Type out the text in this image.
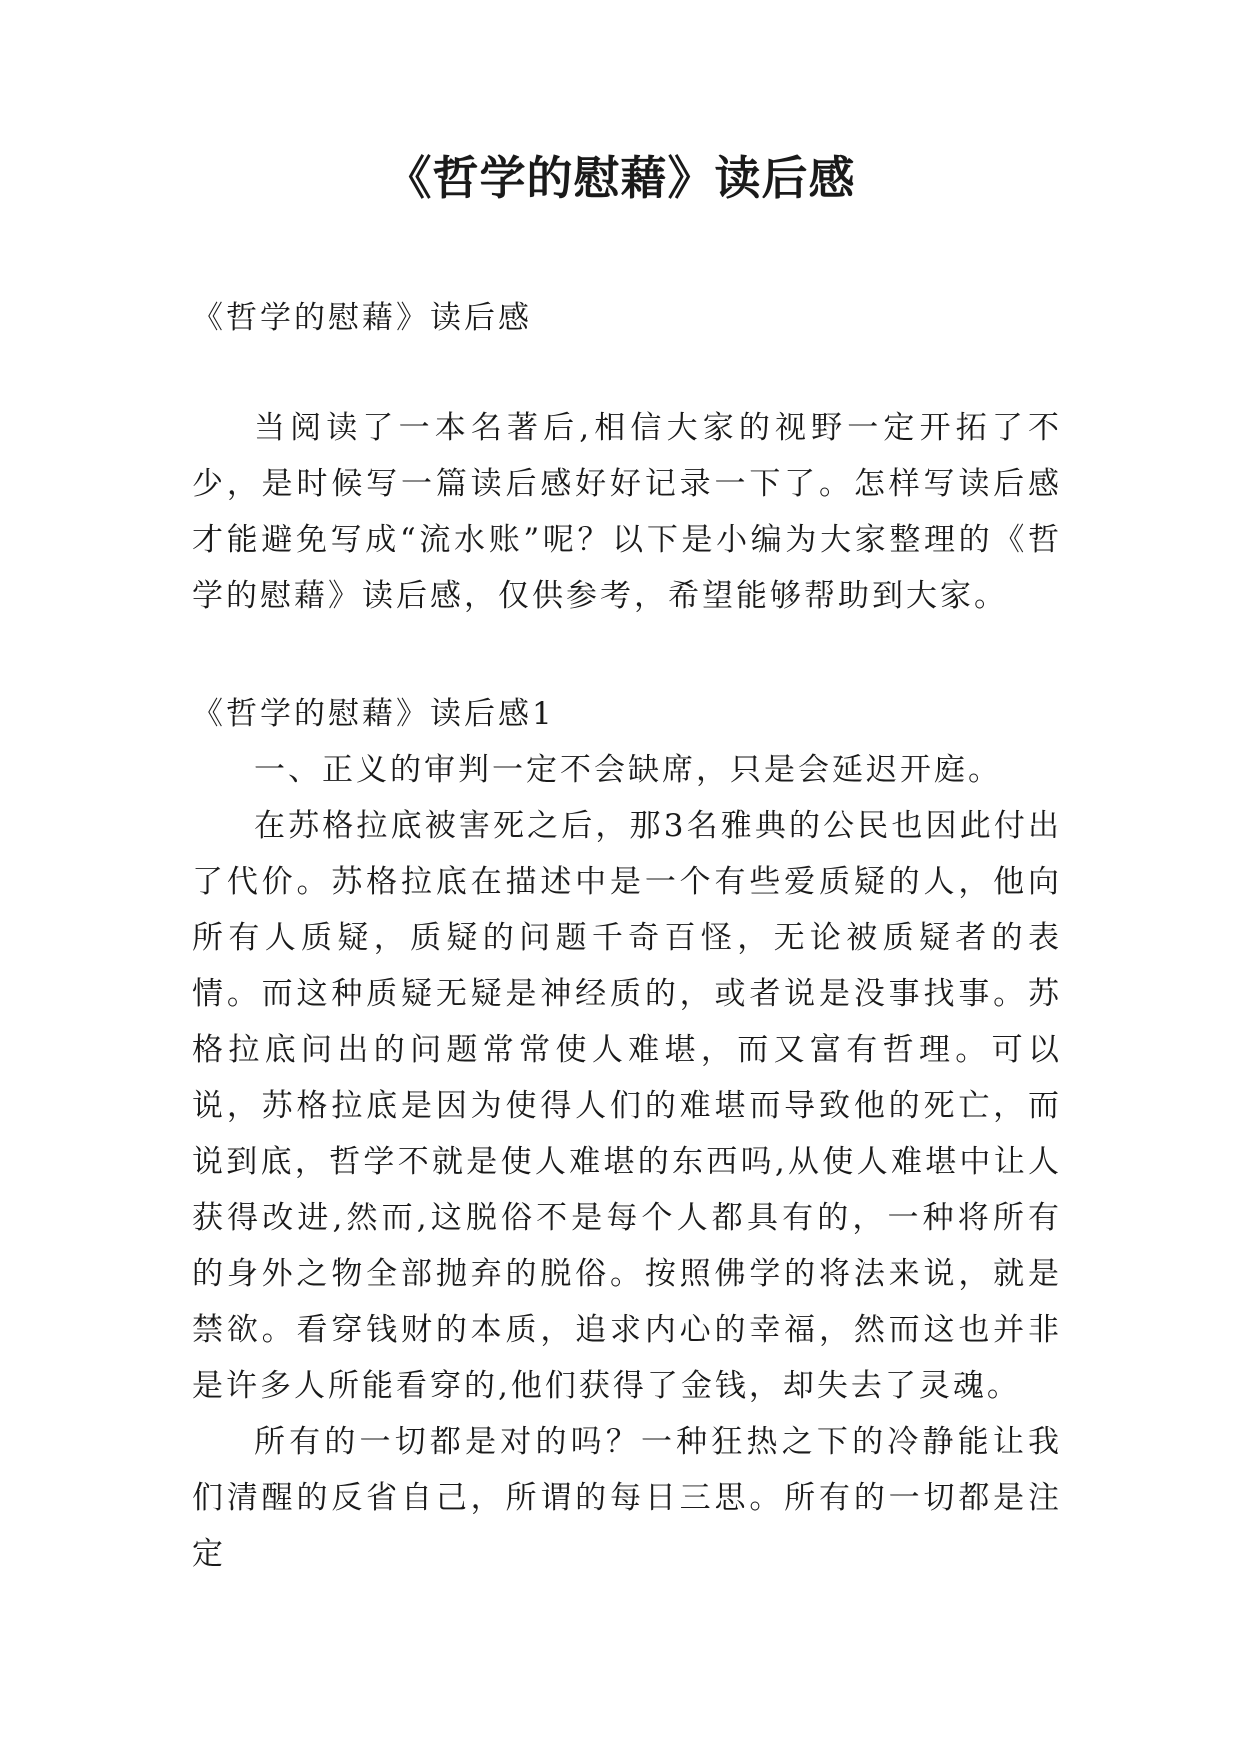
《哲学的慰藉》读后感

《哲学的慰藉》读后感

当阅读了一本名著后,相信大家的视野一定开拓了不少，是时候写一篇读后感好好记录一下了。怎样写读后感才能避免写成“流水账”呢？以下是小编为大家整理的《哲学的慰藉》读后感，仅供参考，希望能够帮助到大家。

《哲学的慰藉》读后感1

一、正义的审判一定不会缺席，只是会延迟开庭。

在苏格拉底被害死之后，那3名雅典的公民也因此付出了代价。苏格拉底在描述中是一个有些爱质疑的人，他向所有人质疑，质疑的问题千奇百怪，无论被质疑者的表情。而这种质疑无疑是神经质的，或者说是没事找事。苏格拉底问出的问题常常使人难堪，而又富有哲理。可以说，苏格拉底是因为使得人们的难堪而导致他的死亡，而说到底，哲学不就是使人难堪的东西吗,从使人难堪中让人获得改进,然而,这脱俗不是每个人都具有的，一种将所有的身外之物全部抛弃的脱俗。按照佛学的将法来说，就是禁欲。看穿钱财的本质，追求内心的幸福，然而这也并非是许多人所能看穿的,他们获得了金钱，却失去了灵魂。

所有的一切都是对的吗？一种狂热之下的冷静能让我们清醒的反省自己，所谓的每日三思。所有的一切都是注定
